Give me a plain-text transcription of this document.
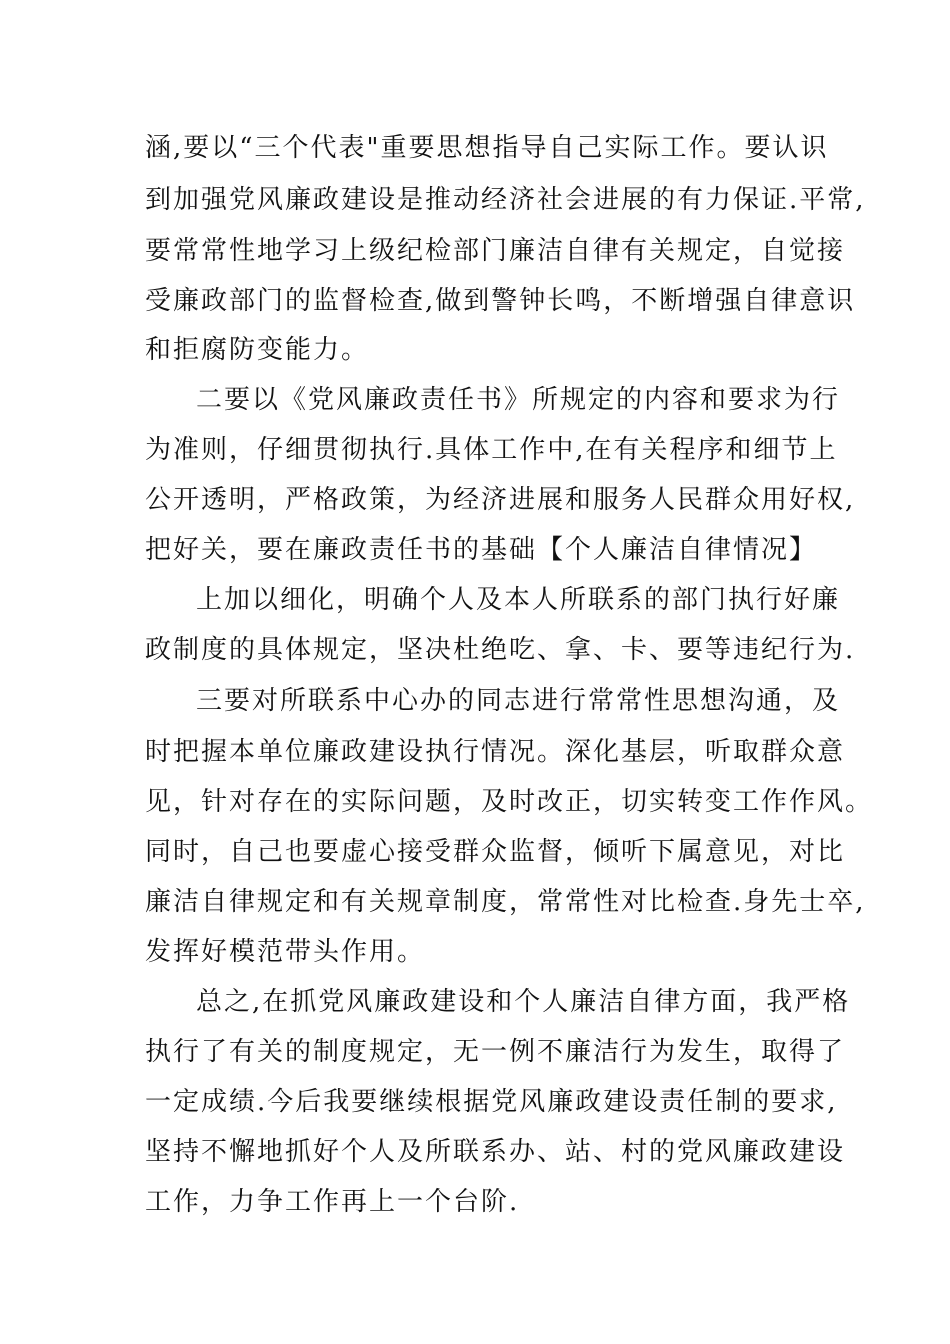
涵,要以“三个代表"重要思想指导自己实际工作。要认识
到加强党风廉政建设是推动经济社会进展的有力保证.平常,
要常常性地学习上级纪检部门廉洁自律有关规定，自觉接
受廉政部门的监督检查,做到警钟长鸣，不断增强自律意识
和拒腐防变能力。
二要以《党风廉政责任书》所规定的内容和要求为行
为准则，仔细贯彻执行.具体工作中,在有关程序和细节上
公开透明，严格政策，为经济进展和服务人民群众用好权,
把好关，要在廉政责任书的基础【个人廉洁自律情况】
上加以细化，明确个人及本人所联系的部门执行好廉
政制度的具体规定，坚决杜绝吃、拿、卡、要等违纪行为.
三要对所联系中心办的同志进行常常性思想沟通，及
时把握本单位廉政建设执行情况。深化基层，听取群众意
见，针对存在的实际问题，及时改正，切实转变工作作风。
同时，自己也要虚心接受群众监督，倾听下属意见，对比
廉洁自律规定和有关规章制度，常常性对比检查.身先士卒,
发挥好模范带头作用。
总之,在抓党风廉政建设和个人廉洁自律方面，我严格
执行了有关的制度规定，无一例不廉洁行为发生，取得了
一定成绩.今后我要继续根据党风廉政建设责任制的要求,
坚持不懈地抓好个人及所联系办、站、村的党风廉政建设
工作，力争工作再上一个台阶.
